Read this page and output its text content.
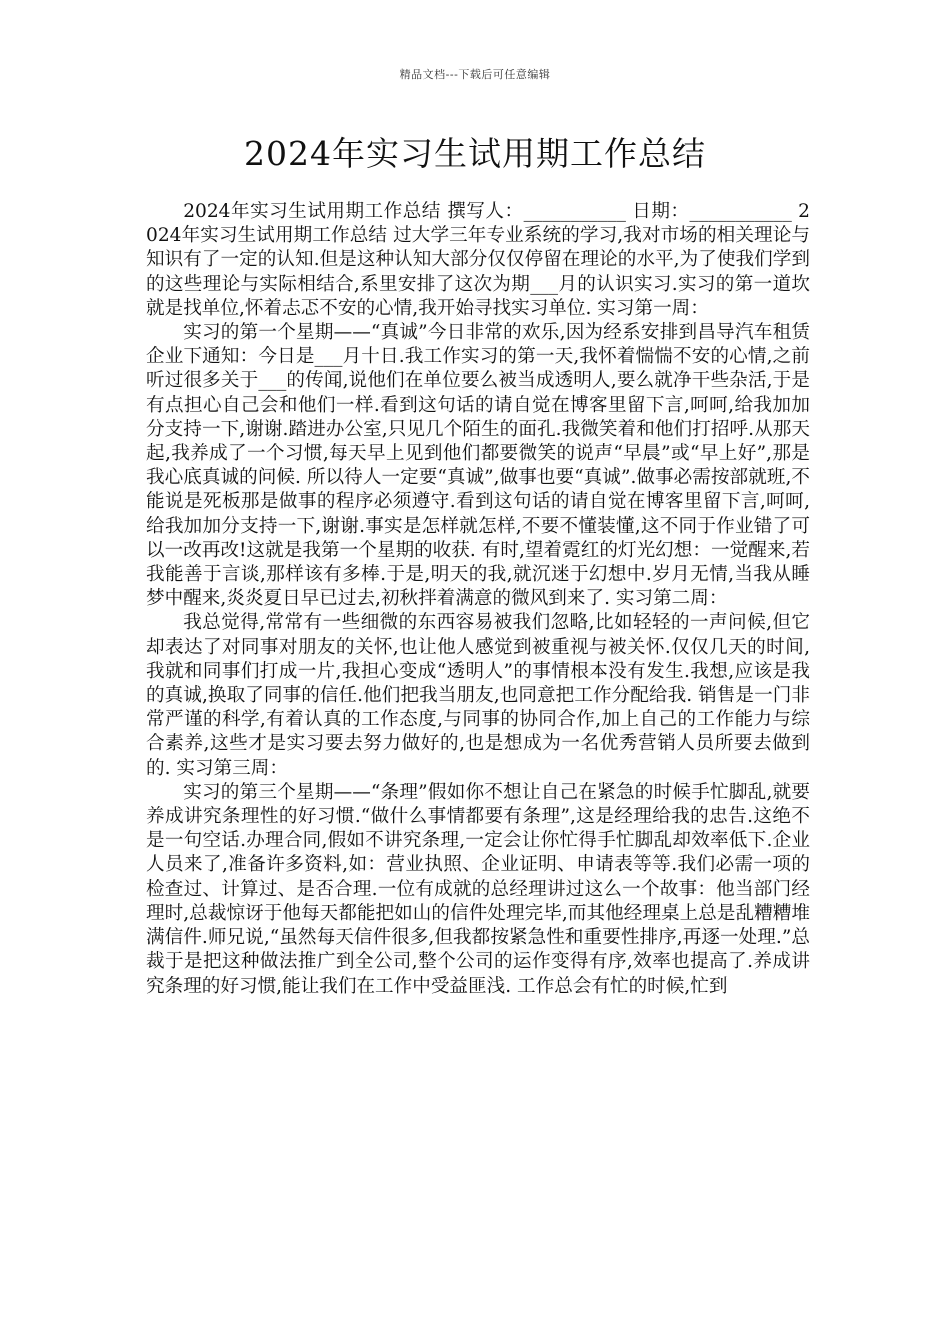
精品文档---下载后可任意编辑
2024年实习生试用期工作总结

2024年实习生试用期工作总结 撰写人：___________ 日期：___________ 2024年实习生试用期工作总结 过大学三年专业系统的学习,我对市场的相关理论与知识有了一定的认知.但是这种认知大部分仅仅停留在理论的水平,为了使我们学到的这些理论与实际相结合,系里安排了这次为期___月的认识实习.实习的第一道坎就是找单位,怀着忐忑不安的心情,我开始寻找实习单位. 实习第一周：

实习的第一个星期——“真诚”今日非常的欢乐,因为经系安排到昌导汽车租赁企业下通知：今日是___月十日.我工作实习的第一天,我怀着惴惴不安的心情,之前听过很多关于___的传闻,说他们在单位要么被当成透明人,要么就净干些杂活,于是有点担心自己会和他们一样.看到这句话的请自觉在博客里留下言,呵呵,给我加加分支持一下,谢谢.踏进办公室,只见几个陌生的面孔.我微笑着和他们打招呼.从那天起,我养成了一个习惯,每天早上见到他们都要微笑的说声“早晨”或“早上好”,那是我心底真诚的问候. 所以待人一定要“真诚”,做事也要“真诚”.做事必需按部就班,不能说是死板那是做事的程序必须遵守.看到这句话的请自觉在博客里留下言,呵呵,给我加加分支持一下,谢谢.事实是怎样就怎样,不要不懂装懂,这不同于作业错了可以一改再改!这就是我第一个星期的收获. 有时,望着霓红的灯光幻想：一觉醒来,若我能善于言谈,那样该有多棒.于是,明天的我,就沉迷于幻想中.岁月无情,当我从睡梦中醒来,炎炎夏日早已过去,初秋拌着满意的微风到来了. 实习第二周：

我总觉得,常常有一些细微的东西容易被我们忽略,比如轻轻的一声问候,但它却表达了对同事对朋友的关怀,也让他人感觉到被重视与被关怀.仅仅几天的时间,我就和同事们打成一片,我担心变成“透明人”的事情根本没有发生.我想,应该是我的真诚,换取了同事的信任.他们把我当朋友,也同意把工作分配给我. 销售是一门非常严谨的科学,有着认真的工作态度,与同事的协同合作,加上自己的工作能力与综合素养,这些才是实习要去努力做好的,也是想成为一名优秀营销人员所要去做到的. 实习第三周：

实习的第三个星期——“条理”假如你不想让自己在紧急的时候手忙脚乱,就要养成讲究条理性的好习惯.“做什么事情都要有条理”,这是经理给我的忠告.这绝不是一句空话.办理合同,假如不讲究条理,一定会让你忙得手忙脚乱却效率低下.企业人员来了,准备许多资料,如：营业执照、企业证明、申请表等等.我们必需一项的检查过、计算过、是否合理.一位有成就的总经理讲过这么一个故事：他当部门经理时,总裁惊讶于他每天都能把如山的信件处理完毕,而其他经理桌上总是乱糟糟堆满信件.师兄说,“虽然每天信件很多,但我都按紧急性和重要性排序,再逐一处理.”总裁于是把这种做法推广到全公司,整个公司的运作变得有序,效率也提高了.养成讲究条理的好习惯,能让我们在工作中受益匪浅. 工作总会有忙的时候,忙到
